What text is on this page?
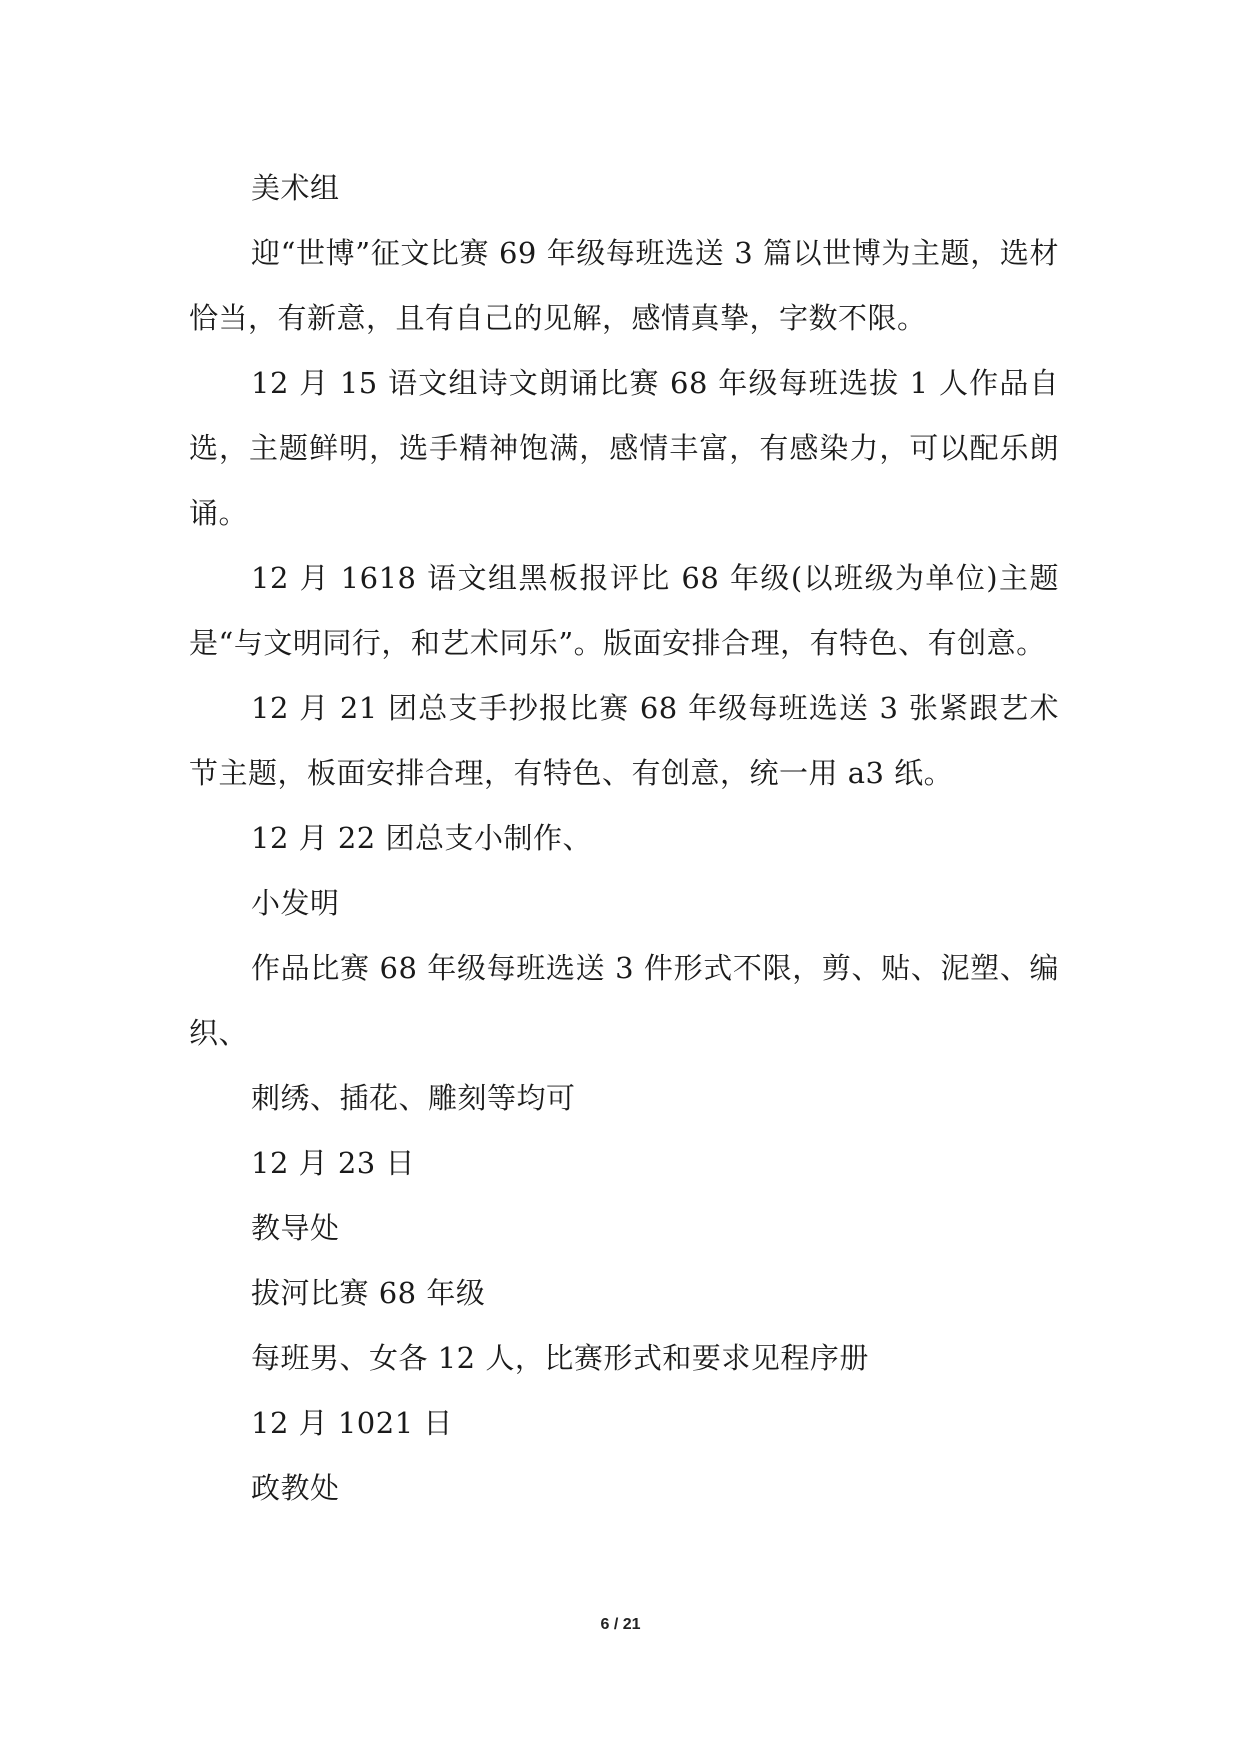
美术组

迎“世博”征文比赛 69 年级每班选送 3 篇以世博为主题，选材恰当，有新意，且有自己的见解，感情真挚，字数不限。

12 月 15 语文组诗文朗诵比赛 68 年级每班选拔 1 人作品自选，主题鲜明，选手精神饱满，感情丰富，有感染力，可以配乐朗诵。

12 月 1618 语文组黑板报评比 68 年级(以班级为单位)主题是“与文明同行，和艺术同乐”。版面安排合理，有特色、有创意。

12 月 21 团总支手抄报比赛 68 年级每班选送 3 张紧跟艺术节主题，板面安排合理，有特色、有创意，统一用 a3 纸。

12 月 22 团总支小制作、

小发明

作品比赛 68 年级每班选送 3 件形式不限，剪、贴、泥塑、编织、

刺绣、插花、雕刻等均可

12 月 23 日

教导处

拔河比赛 68 年级

每班男、女各 12 人，比赛形式和要求见程序册

12 月 1021 日

政教处

6 / 21
